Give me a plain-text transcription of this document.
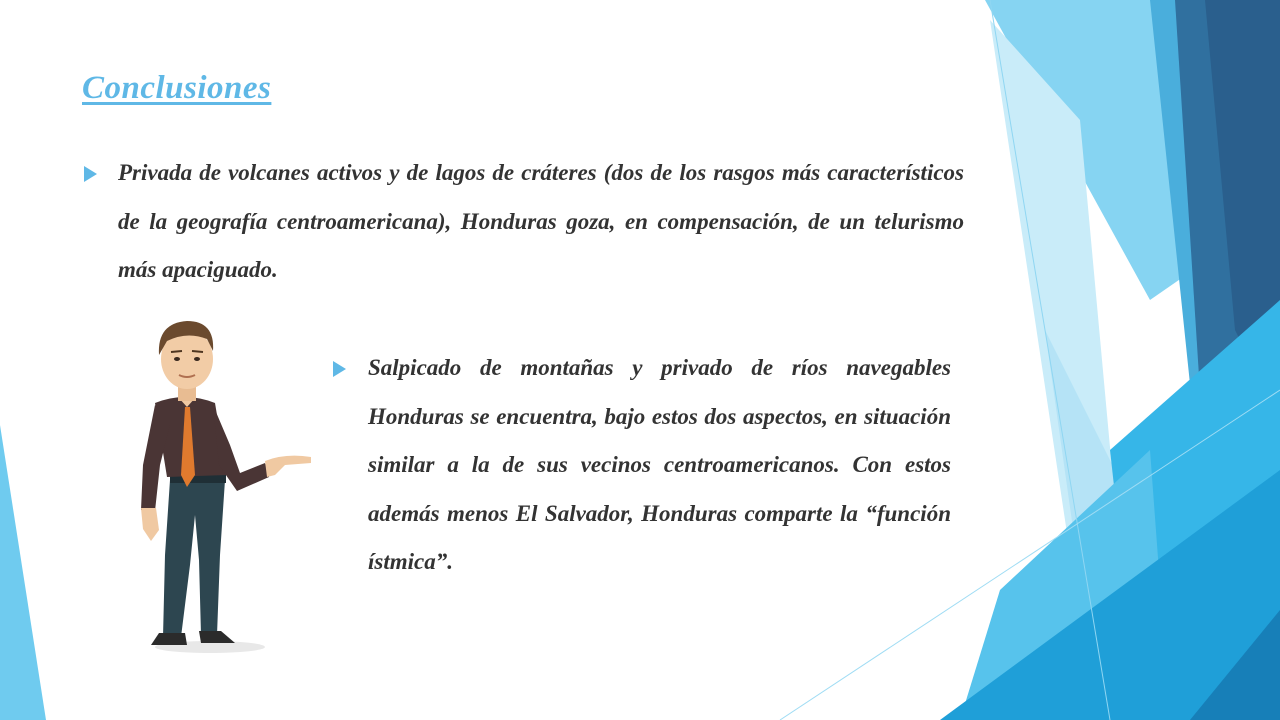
Conclusiones

Privada de volcanes activos y de lagos de cráteres (dos de los rasgos más característicos de la geografía centroamericana), Honduras goza, en compensación, de un telurismo más apaciguado.

Salpicado de montañas y privado de ríos navegables Honduras se encuentra, bajo estos dos aspectos, en situación similar a la de sus vecinos centroamericanos. Con estos además menos El Salvador, Honduras comparte la “función ístmica”.
